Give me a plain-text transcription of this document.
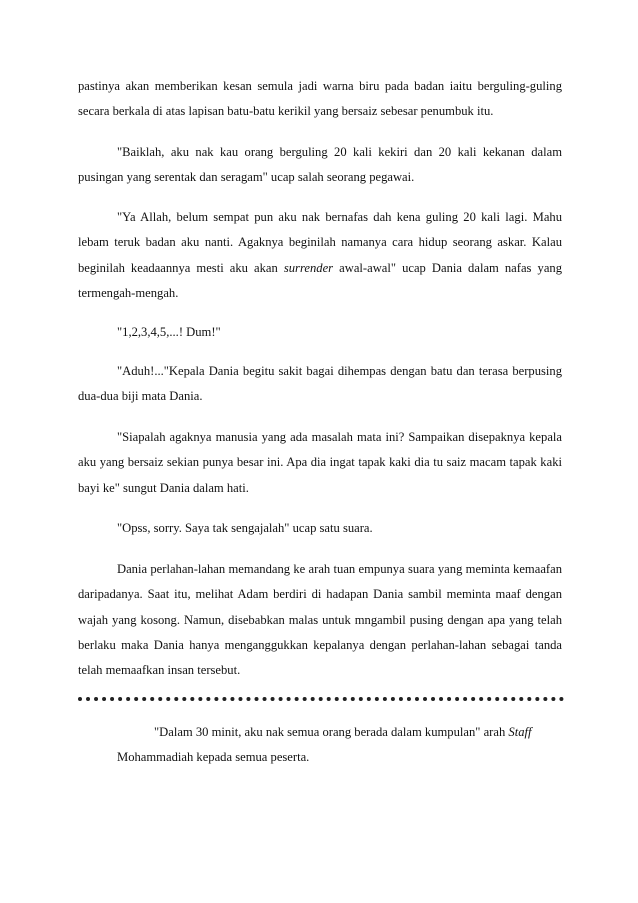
pastinya akan memberikan kesan semula jadi warna biru pada badan iaitu berguling-guling secara berkala di atas lapisan batu-batu kerikil yang bersaiz sebesar penumbuk itu.

"Baiklah, aku nak kau orang berguling 20 kali kekiri dan 20 kali kekanan dalam pusingan yang serentak dan seragam" ucap salah seorang pegawai.

"Ya Allah, belum sempat pun aku nak bernafas dah kena guling 20 kali lagi. Mahu lebam teruk badan aku nanti. Agaknya beginilah namanya cara hidup seorang askar. Kalau beginilah keadaannya mesti aku akan surrender awal-awal" ucap Dania dalam nafas yang termengah-mengah.

"1,2,3,4,5,...! Dum!"

"Aduh!..."Kepala Dania begitu sakit bagai dihempas dengan batu dan terasa berpusing dua-dua biji mata Dania.

"Siapalah agaknya manusia yang ada masalah mata ini? Sampaikan disepaknya kepala aku yang bersaiz sekian punya besar ini. Apa dia ingat tapak kaki dia tu saiz macam tapak kaki bayi ke" sungut Dania dalam hati.

"Opss, sorry. Saya tak sengajalah" ucap satu suara.

Dania perlahan-lahan memandang ke arah tuan empunya suara yang meminta kemaafan daripadanya. Saat itu, melihat Adam berdiri di hadapan Dania sambil meminta maaf dengan wajah yang kosong. Namun, disebabkan malas untuk mngambil pusing dengan apa yang telah berlaku maka Dania hanya menganggukkan kepalanya dengan perlahan-lahan sebagai tanda telah memaafkan insan tersebut.

"Dalam 30 minit, aku nak semua orang berada dalam kumpulan" arah Staff
Mohammadiah kepada semua peserta.
